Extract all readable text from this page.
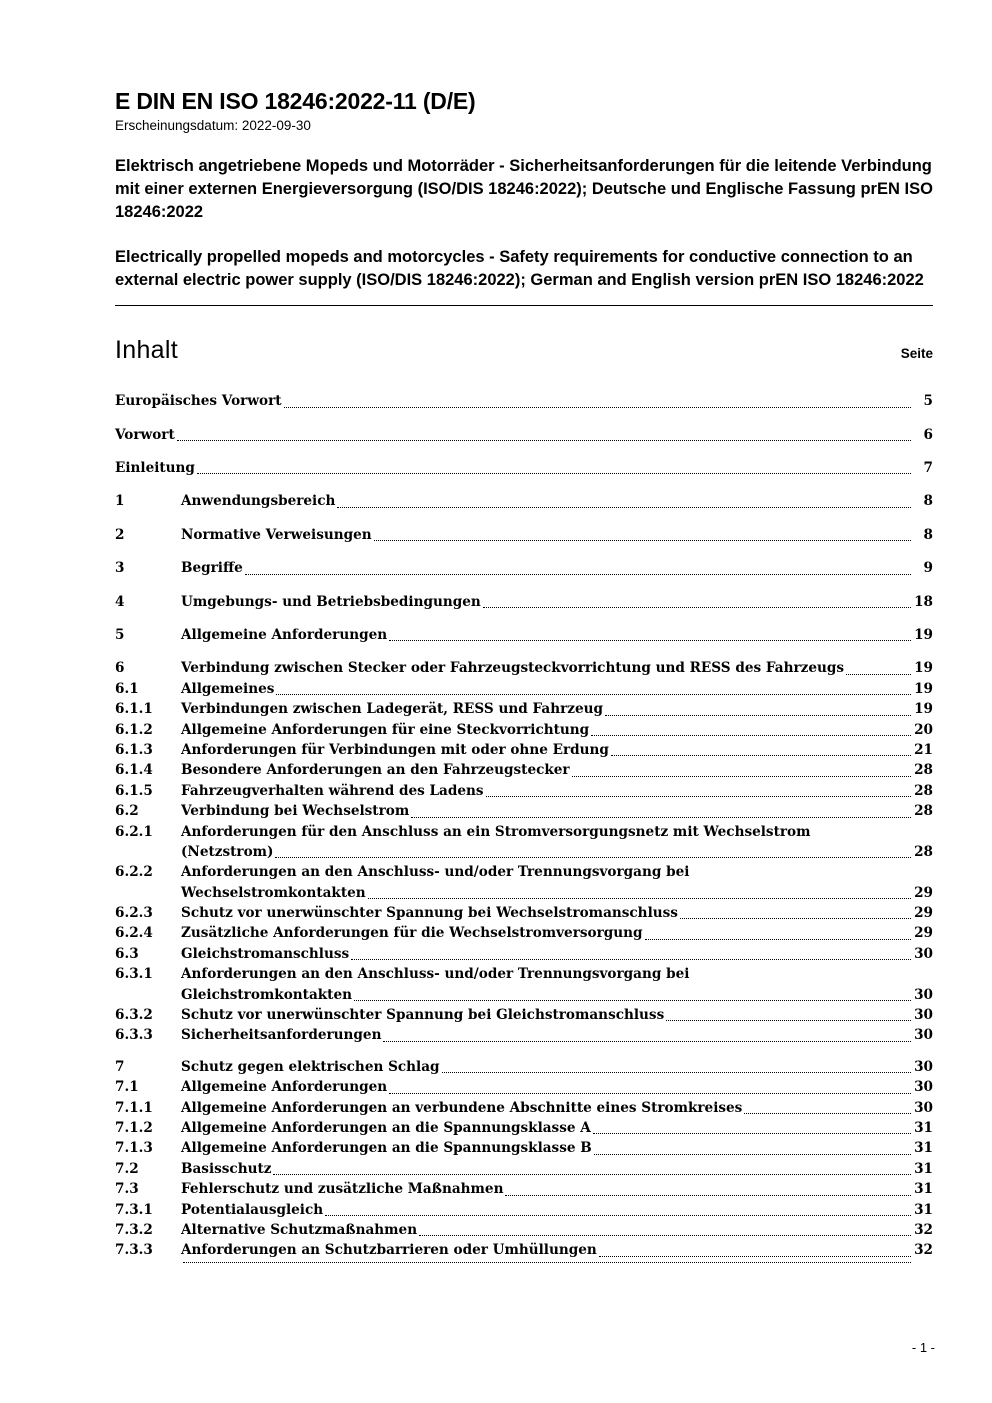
E DIN EN ISO 18246:2022-11 (D/E)
Erscheinungsdatum: 2022-09-30
Elektrisch angetriebene Mopeds und Motorräder - Sicherheitsanforderungen für die leitende Verbindung mit einer externen Energieversorgung (ISO/DIS 18246:2022); Deutsche und Englische Fassung prEN ISO 18246:2022
Electrically propelled mopeds and motorcycles - Safety requirements for conductive connection to an external electric power supply (ISO/DIS 18246:2022); German and English version prEN ISO 18246:2022
Inhalt	Seite
Europäisches Vorwort	5
Vorwort	6
Einleitung	7
1	Anwendungsbereich	8
2	Normative Verweisungen	8
3	Begriffe	9
4	Umgebungs- und Betriebsbedingungen	18
5	Allgemeine Anforderungen	19
6	Verbindung zwischen Stecker oder Fahrzeugsteckvorrichtung und RESS des Fahrzeugs	19
6.1	Allgemeines	19
6.1.1	Verbindungen zwischen Ladegerät, RESS und Fahrzeug	19
6.1.2	Allgemeine Anforderungen für eine Steckvorrichtung	20
6.1.3	Anforderungen für Verbindungen mit oder ohne Erdung	21
6.1.4	Besondere Anforderungen an den Fahrzeugstecker	28
6.1.5	Fahrzeugverhalten während des Ladens	28
6.2	Verbindung bei Wechselstrom	28
6.2.1	Anforderungen für den Anschluss an ein Stromversorgungsnetz mit Wechselstrom
(Netzstrom)	28
6.2.2	Anforderungen an den Anschluss- und/oder Trennungsvorgang bei
Wechselstromkontakten	29
6.2.3	Schutz vor unerwünschter Spannung bei Wechselstromanschluss	29
6.2.4	Zusätzliche Anforderungen für die Wechselstromversorgung	29
6.3	Gleichstromanschluss	30
6.3.1	Anforderungen an den Anschluss- und/oder Trennungsvorgang bei
Gleichstromkontakten	30
6.3.2	Schutz vor unerwünschter Spannung bei Gleichstromanschluss	30
6.3.3	Sicherheitsanforderungen	30
7	Schutz gegen elektrischen Schlag	30
7.1	Allgemeine Anforderungen	30
7.1.1	Allgemeine Anforderungen an verbundene Abschnitte eines Stromkreises	30
7.1.2	Allgemeine Anforderungen an die Spannungsklasse A	31
7.1.3	Allgemeine Anforderungen an die Spannungsklasse B	31
7.2	Basisschutz	31
7.3	Fehlerschutz und zusätzliche Maßnahmen	31
7.3.1	Potentialausgleich	31
7.3.2	Alternative Schutzmaßnahmen	32
7.3.3	Anforderungen an Schutzbarrieren oder Umhüllungen	32
- 1 -
